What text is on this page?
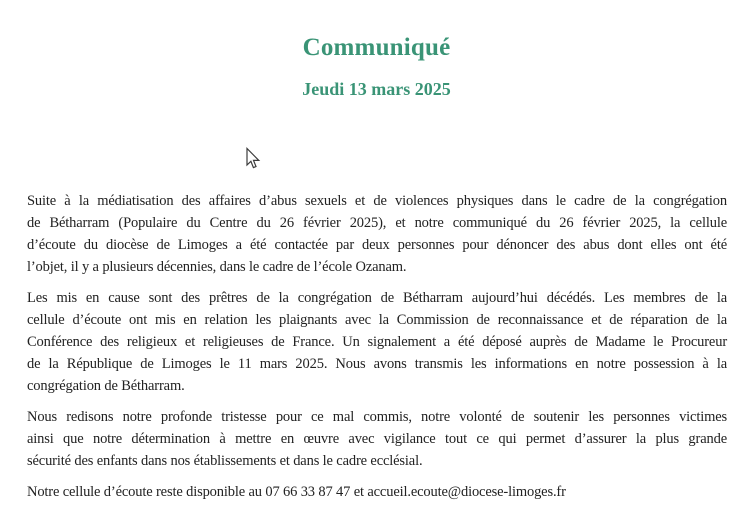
Communiqué
Jeudi 13 mars 2025
Suite à la médiatisation des affaires d’abus sexuels et de violences physiques dans le cadre de la congrégation
de Bétharram (Populaire du Centre du 26 février 2025), et notre communiqué du 26 février 2025, la cellule
d’écoute du diocèse de Limoges a été contactée par deux personnes pour dénoncer des abus dont elles ont été
l’objet, il y a plusieurs décennies, dans le cadre de l’école Ozanam.
Les mis en cause sont des prêtres de la congrégation de Bétharram aujourd’hui décédés. Les membres de la
cellule d’écoute ont mis en relation les plaignants avec la Commission de reconnaissance et de réparation de la
Conférence des religieux et religieuses de France. Un signalement a été déposé auprès de Madame le Procureur
de la République de Limoges le 11 mars 2025. Nous avons transmis les informations en notre possession à la
congrégation de Bétharram.
Nous redisons notre profonde tristesse pour ce mal commis, notre volonté de soutenir les personnes victimes
ainsi que notre détermination à mettre en œuvre avec vigilance tout ce qui permet d’assurer la plus grande
sécurité des enfants dans nos établissements et dans le cadre ecclésial.
Notre cellule d’écoute reste disponible au 07 66 33 87 47 et accueil.ecoute@diocese-limoges.fr
